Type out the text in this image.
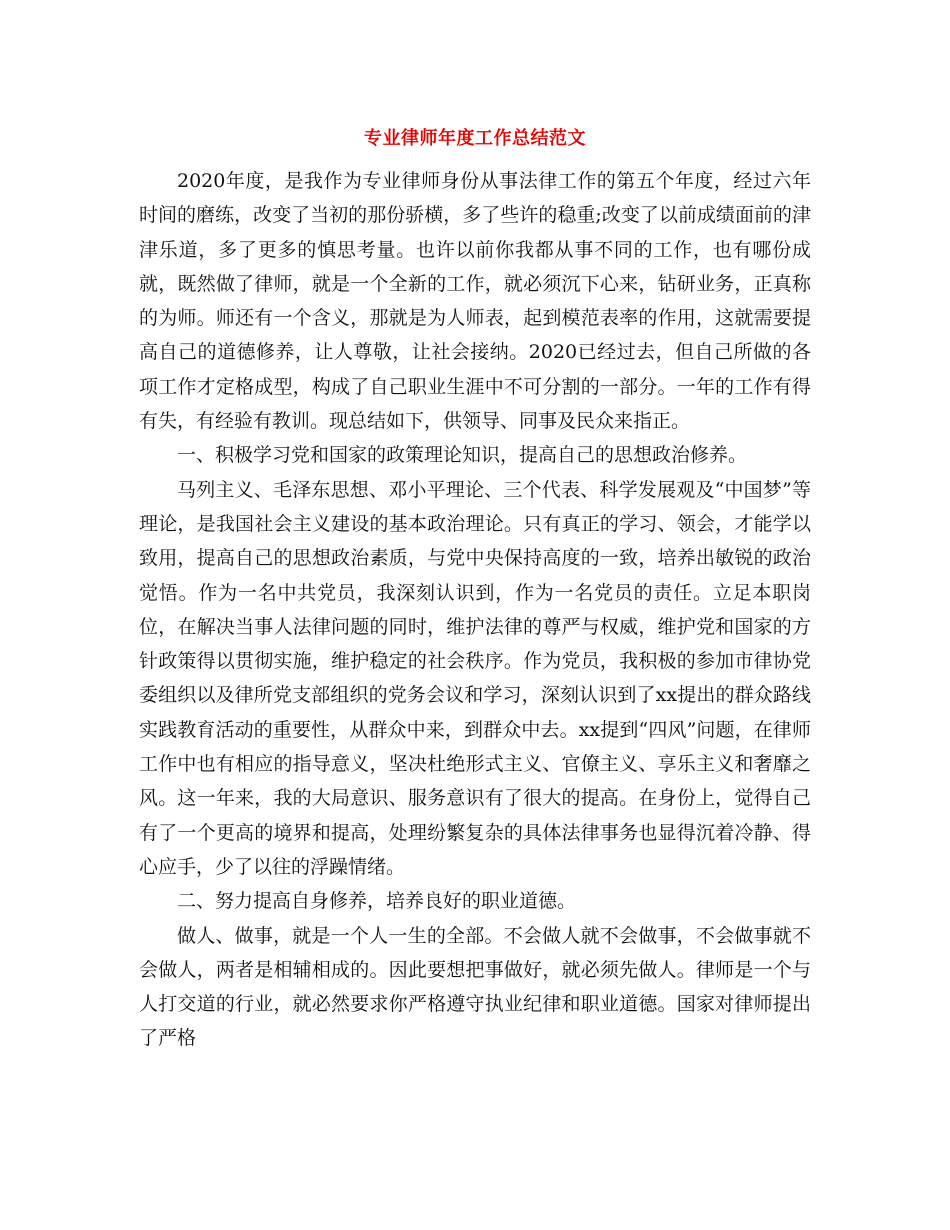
专业律师年度工作总结范文

2020年度，是我作为专业律师身份从事法律工作的第五个年度，经过六年时间的磨练，改变了当初的那份骄横，多了些许的稳重;改变了以前成绩面前的津津乐道，多了更多的慎思考量。也许以前你我都从事不同的工作，也有哪份成就，既然做了律师，就是一个全新的工作，就必须沉下心来，钻研业务，正真称的为师。师还有一个含义，那就是为人师表，起到模范表率的作用，这就需要提高自己的道德修养，让人尊敬，让社会接纳。2020已经过去，但自己所做的各项工作才定格成型，构成了自己职业生涯中不可分割的一部分。一年的工作有得有失，有经验有教训。现总结如下，供领导、同事及民众来指正。

一、积极学习党和国家的政策理论知识，提高自己的思想政治修养。

马列主义、毛泽东思想、邓小平理论、三个代表、科学发展观及“中国梦”等理论，是我国社会主义建设的基本政治理论。只有真正的学习、领会，才能学以致用，提高自己的思想政治素质，与党中央保持高度的一致，培养出敏锐的政治觉悟。作为一名中共党员，我深刻认识到，作为一名党员的责任。立足本职岗位，在解决当事人法律问题的同时，维护法律的尊严与权威，维护党和国家的方针政策得以贯彻实施，维护稳定的社会秩序。作为党员，我积极的参加市律协党委组织以及律所党支部组织的党务会议和学习，深刻认识到了xx提出的群众路线实践教育活动的重要性，从群众中来，到群众中去。xx提到“四风”问题，在律师工作中也有相应的指导意义，坚决杜绝形式主义、官僚主义、享乐主义和奢靡之风。这一年来，我的大局意识、服务意识有了很大的提高。在身份上，觉得自己有了一个更高的境界和提高，处理纷繁复杂的具体法律事务也显得沉着冷静、得心应手，少了以往的浮躁情绪。

二、努力提高自身修养，培养良好的职业道德。

做人、做事，就是一个人一生的全部。不会做人就不会做事，不会做事就不会做人，两者是相辅相成的。因此要想把事做好，就必须先做人。律师是一个与人打交道的行业，就必然要求你严格遵守执业纪律和职业道德。国家对律师提出了严格
